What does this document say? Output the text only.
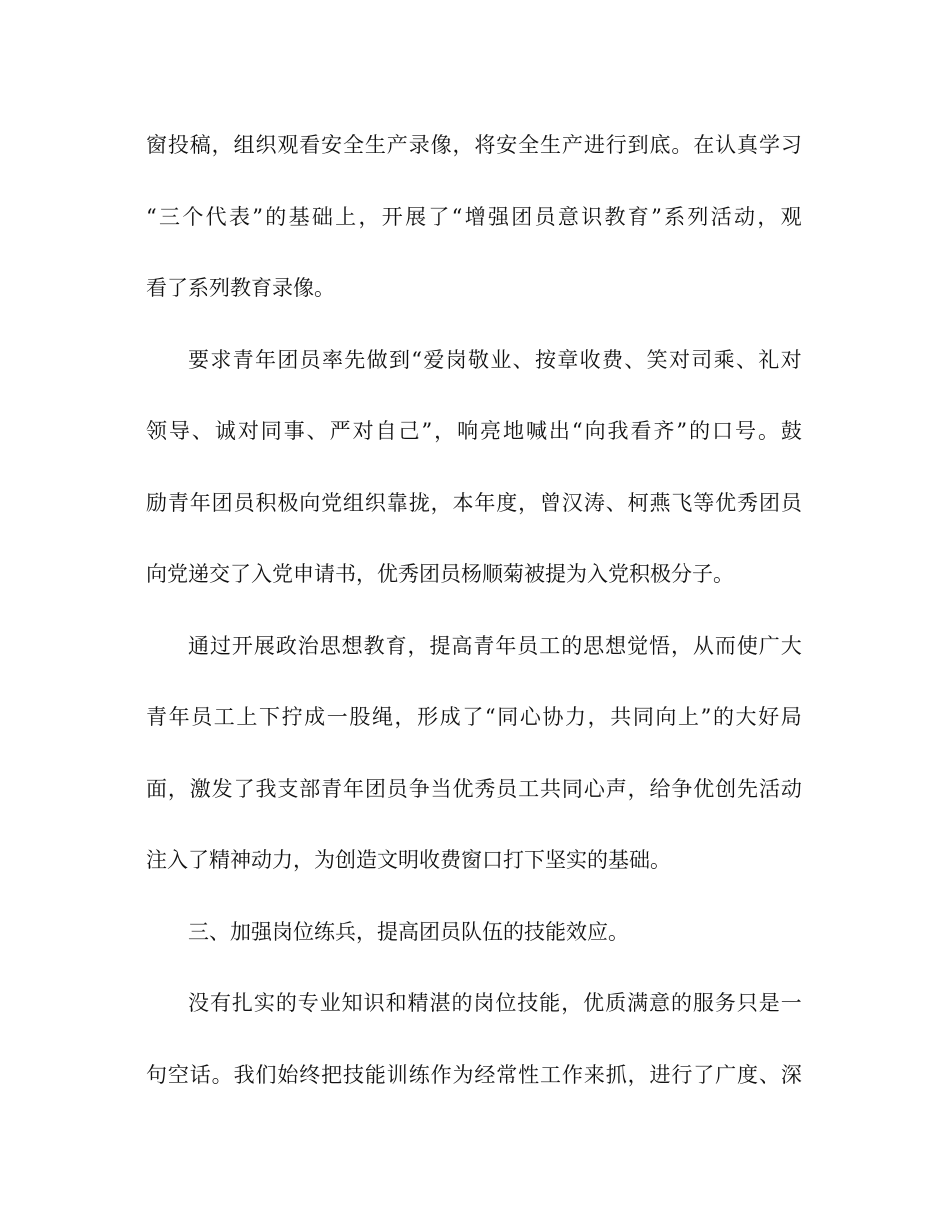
窗 投 稿 ， 组 织 观 看 安 全 生 产 录 像 ， 将 安 全 生 产 进 行 到 底 。 在 认 真 学 习
“ 三 个 代 表 ” 的 基 础 上 ， 开 展 了 “ 增 强 团 员 意 识 教 育 ” 系 列 活 动 ， 观
看了系列教育录像。
要 求 青 年 团 员 率 先 做 到 “ 爱 岗 敬 业 、 按 章 收 费 、 笑 对 司 乘 、 礼 对
领 导 、 诚 对 同 事 、 严 对 自 己 ” ， 响 亮 地 喊 出 “ 向 我 看 齐 ” 的 口 号 。 鼓
励 青 年 团 员 积 极 向 党 组 织 靠 拢 ， 本 年 度 ， 曾 汉 涛 、 柯 燕 飞 等 优 秀 团 员
向党递交了入党申请书，优秀团员杨顺菊被提为入党积极分子。
通 过 开 展 政 治 思 想 教 育 ， 提 高 青 年 员 工 的 思 想 觉 悟 ， 从 而 使 广 大
青 年 员 工 上 下 拧 成 一 股 绳 ， 形 成 了 “ 同 心 协 力 ， 共 同 向 上 ” 的 大 好 局
面 ， 激 发 了 我 支 部 青 年 团 员 争 当 优 秀 员 工 共 同 心 声 ， 给 争 优 创 先 活 动
注入了精神动力，为创造文明收费窗口打下坚实的基础。
三、加强岗位练兵，提高团员队伍的技能效应。
没 有 扎 实 的 专 业 知 识 和 精 湛 的 岗 位 技 能 ， 优 质 满 意 的 服 务 只 是 一
句 空 话 。 我 们 始 终 把 技 能 训 练 作 为 经 常 性 工 作 来 抓 ， 进 行 了 广 度 、 深
